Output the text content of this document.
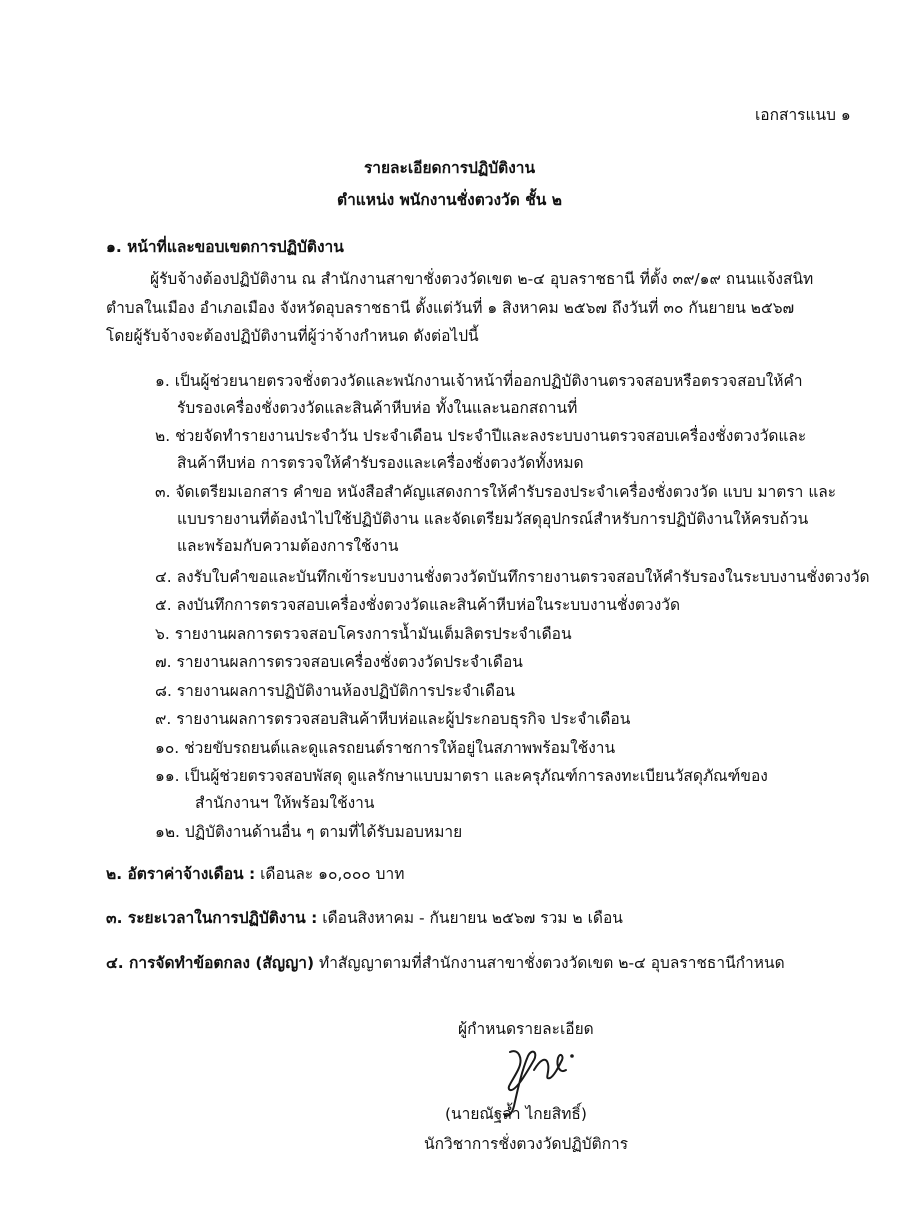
เอกสารแนบ ๑
รายละเอียดการปฏิบัติงาน
ตำแหน่ง พนักงานชั่งตวงวัด ชั้น ๒
๑. หน้าที่และขอบเขตการปฏิบัติงาน
ผู้รับจ้างต้องปฏิบัติงาน ณ สำนักงานสาขาชั่งตวงวัดเขต ๒-๔ อุบลราชธานี ที่ตั้ง ๓๙/๑๙ ถนนแจ้งสนิท
ตำบลในเมือง อำเภอเมือง จังหวัดอุบลราชธานี ตั้งแต่วันที่ ๑ สิงหาคม ๒๕๖๗ ถึงวันที่ ๓๐ กันยายน ๒๕๖๗
โดยผู้รับจ้างจะต้องปฏิบัติงานที่ผู้ว่าจ้างกำหนด ดังต่อไปนี้
๑. เป็นผู้ช่วยนายตรวจชั่งตวงวัดและพนักงานเจ้าหน้าที่ออกปฏิบัติงานตรวจสอบหรือตรวจสอบให้คำ
รับรองเครื่องชั่งตวงวัดและสินค้าหีบห่อ ทั้งในและนอกสถานที่
๒. ช่วยจัดทำรายงานประจำวัน ประจำเดือน ประจำปีและลงระบบงานตรวจสอบเครื่องชั่งตวงวัดและ
สินค้าหีบห่อ การตรวจให้คำรับรองและเครื่องชั่งตวงวัดทั้งหมด
๓. จัดเตรียมเอกสาร คำขอ หนังสือสำคัญแสดงการให้คำรับรองประจำเครื่องชั่งตวงวัด แบบ มาตรา และ
แบบรายงานที่ต้องนำไปใช้ปฏิบัติงาน และจัดเตรียมวัสดุอุปกรณ์สำหรับการปฏิบัติงานให้ครบถ้วน
และพร้อมกับความต้องการใช้งาน
๔. ลงรับใบคำขอและบันทึกเข้าระบบงานชั่งตวงวัดบันทึกรายงานตรวจสอบให้คำรับรองในระบบงานชั่งตวงวัด
๕. ลงบันทึกการตรวจสอบเครื่องชั่งตวงวัดและสินค้าหีบห่อในระบบงานชั่งตวงวัด
๖. รายงานผลการตรวจสอบโครงการน้ำมันเต็มลิตรประจำเดือน
๗. รายงานผลการตรวจสอบเครื่องชั่งตวงวัดประจำเดือน
๘. รายงานผลการปฏิบัติงานห้องปฏิบัติการประจำเดือน
๙. รายงานผลการตรวจสอบสินค้าหีบห่อและผู้ประกอบธุรกิจ ประจำเดือน
๑๐. ช่วยขับรถยนต์และดูแลรถยนต์ราชการให้อยู่ในสภาพพร้อมใช้งาน
๑๑. เป็นผู้ช่วยตรวจสอบพัสดุ ดูแลรักษาแบบมาตรา และครุภัณฑ์การลงทะเบียนวัสดุภัณฑ์ของ
สำนักงานฯ ให้พร้อมใช้งาน
๑๒. ปฏิบัติงานด้านอื่น ๆ ตามที่ได้รับมอบหมาย
๒. อัตราค่าจ้างเดือน : เดือนละ ๑๐,๐๐๐ บาท
๓. ระยะเวลาในการปฏิบัติงาน : เดือนสิงหาคม - กันยายน ๒๕๖๗ รวม ๒ เดือน
๔. การจัดทำข้อตกลง (สัญญา) ทำสัญญาตามที่สำนักงานสาขาชั่งตวงวัดเขต ๒-๔ อุบลราชธานีกำหนด
ผู้กำหนดรายละเอียด
(นายณัฐล้ำ ไกยสิทธิ์)
นักวิชาการชั่งตวงวัดปฏิบัติการ
